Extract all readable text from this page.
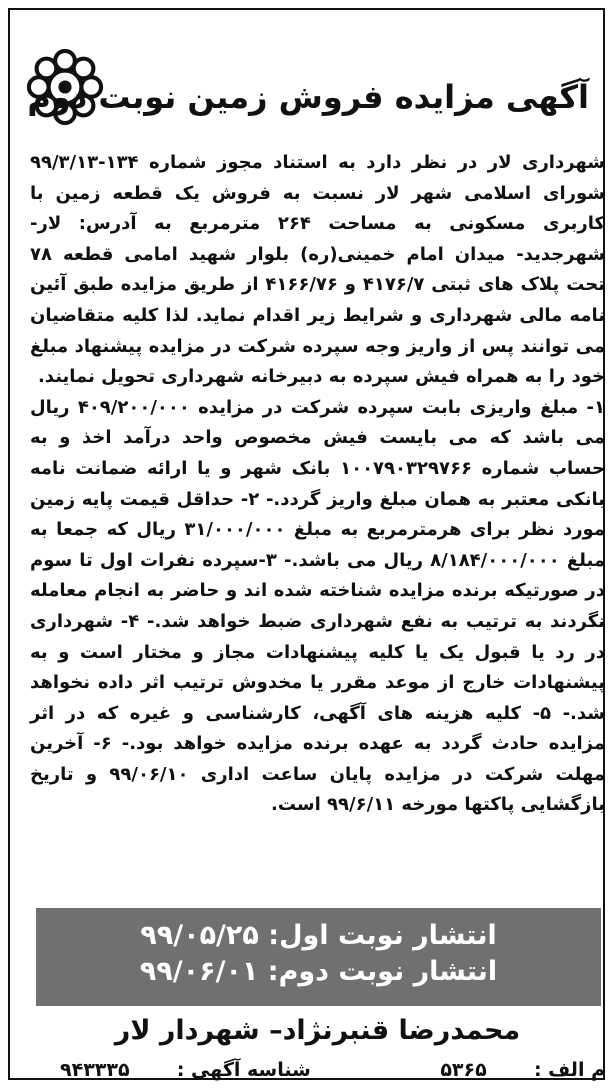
آگهی مزایده فروش زمین نوبت دوم

شهرداری لار در نظر دارد به استناد مجوز شماره ۱۳۴-۹۹/۳/۱۳ شورای اسلامی شهر لار نسبت به فروش یک قطعه زمین با کاربری مسکونی به مساحت ۲۶۴ مترمربع به آدرس: لار- شهرجدید- میدان امام خمینی(ره) بلوار شهید امامی قطعه ۷۸ تحت پلاک های ثبتی ۴۱۷۶/۷ و ۴۱۶۶/۷۶ از طریق مزایده طبق آئین نامه مالی شهرداری و شرایط زیر اقدام نماید. لذا کلیه متقاضیان می توانند پس از واریز وجه سپرده شرکت در مزایده پیشنهاد مبلغ خود را به همراه فیش سپرده به دبیرخانه شهرداری تحویل نمایند.

۱- مبلغ واریزی بابت سپرده شرکت در مزایده ۴۰۹/۲۰۰/۰۰۰ ریال می باشد که می بایست فیش مخصوص واحد درآمد اخذ و به حساب شماره ۱۰۰۷۹۰۳۲۹۷۶۶ بانک شهر و یا ارائه ضمانت نامه بانکی معتبر به همان مبلغ واریز گردد.- ۲- حداقل قیمت پایه زمین مورد نظر برای هرمترمربع به مبلغ ۳۱/۰۰۰/۰۰۰ ریال که جمعا به مبلغ ۸/۱۸۴/۰۰۰/۰۰۰ ریال می باشد.- ۳-سپرده نفرات اول تا سوم در صورتیکه برنده مزایده شناخته شده اند و حاضر به انجام معامله نگردند به ترتیب به نفع شهرداری ضبط خواهد شد.- ۴- شهرداری در رد یا قبول یک یا کلیه پیشنهادات مجاز و مختار است و به پیشنهادات خارج از موعد مقرر یا مخدوش ترتیب اثر داده نخواهد شد.- ۵- کلیه هزینه های آگهی، کارشناسی و غیره که در اثر مزایده حادث گردد به عهده برنده مزایده خواهد بود.- ۶- آخرین مهلت شرکت در مزایده پایان ساعت اداری ۹۹/۰۶/۱۰ و تاریخ بازگشایی پاکتها مورخه ۹۹/۶/۱۱ است.

انتشار نوبت اول: ۹۹/۰۵/۲۵
انتشار نوبت دوم: ۹۹/۰۶/۰۱
محمدرضا قنبرنژاد– شهردار لار
م الف :  ۵۳۶۵
شناسه آگهی :  ۹۴۳۳۳۵
